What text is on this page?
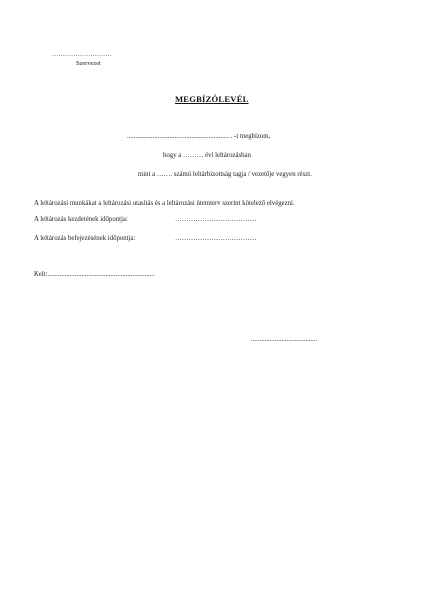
……………………….
Szervezet
MEGBÍZÓLEVÉL
............................................................ . -t megbízom,
hogy a ……… évi leltározásban
mint a ……. számú leltárbizottság tagja / vezetője vegyen részt.
A leltározási munkákat a leltározási utasítás és a leltározási ütemterv szerint kötelező elvégezni.
A leltározás kezdetének időpontja:	………………………………
A leltározás befejezésének időpontja:	………………………………
Kelt:...............................................................
.......................................
